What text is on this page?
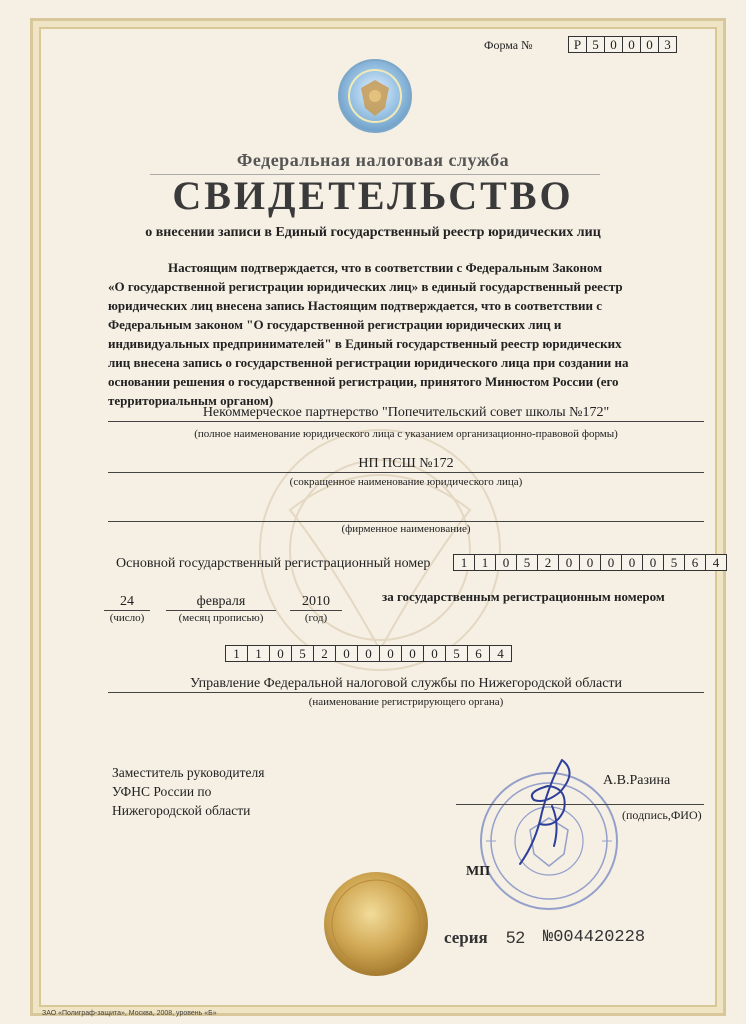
Форма №	Р 5 0 0 0 3
Федеральная налоговая служба
СВИДЕТЕЛЬСТВО
о внесении записи в Единый государственный реестр юридических лиц
Настоящим подтверждается, что в соответствии с Федеральным Законом
«О государственной регистрации юридических лиц» в единый государственный реестр
юридических лиц внесена запись Настоящим подтверждается, что в соответствии с
Федеральным законом "О государственной регистрации юридических лиц и
индивидуальных предпринимателей" в Единый государственный реестр юридических
лиц внесена запись о государственной регистрации юридического лица при создании на
основании решения о государственной регистрации, принятого Минюстом России (его
территориальным органом)
Некоммерческое партнерство "Попечительский совет школы №172"
(полное наименование юридического лица с указанием организационно-правовой формы)
НП ПСШ №172
(сокращенное наименование юридического лица)
(фирменное наименование)
Основной государственный регистрационный номер	1	1	0	5	2	0	0	0	0	0	5	6	4
24
(число)
февраля
(месяц прописью)
2010
(год)
за государственным регистрационным номером
1	1	0	5	2	0	0	0	0	0	5	6	4
Управление Федеральной налоговой службы по Нижегородской области
(наименование регистрирующего органа)
Заместитель руководителя
УФНС России по
Нижегородской области
А.В.Разина
(подпись,ФИО)
МП
серия 52 №004420228
ЗАО «Полиграф-защита», Москва, 2008, уровень «Б»
